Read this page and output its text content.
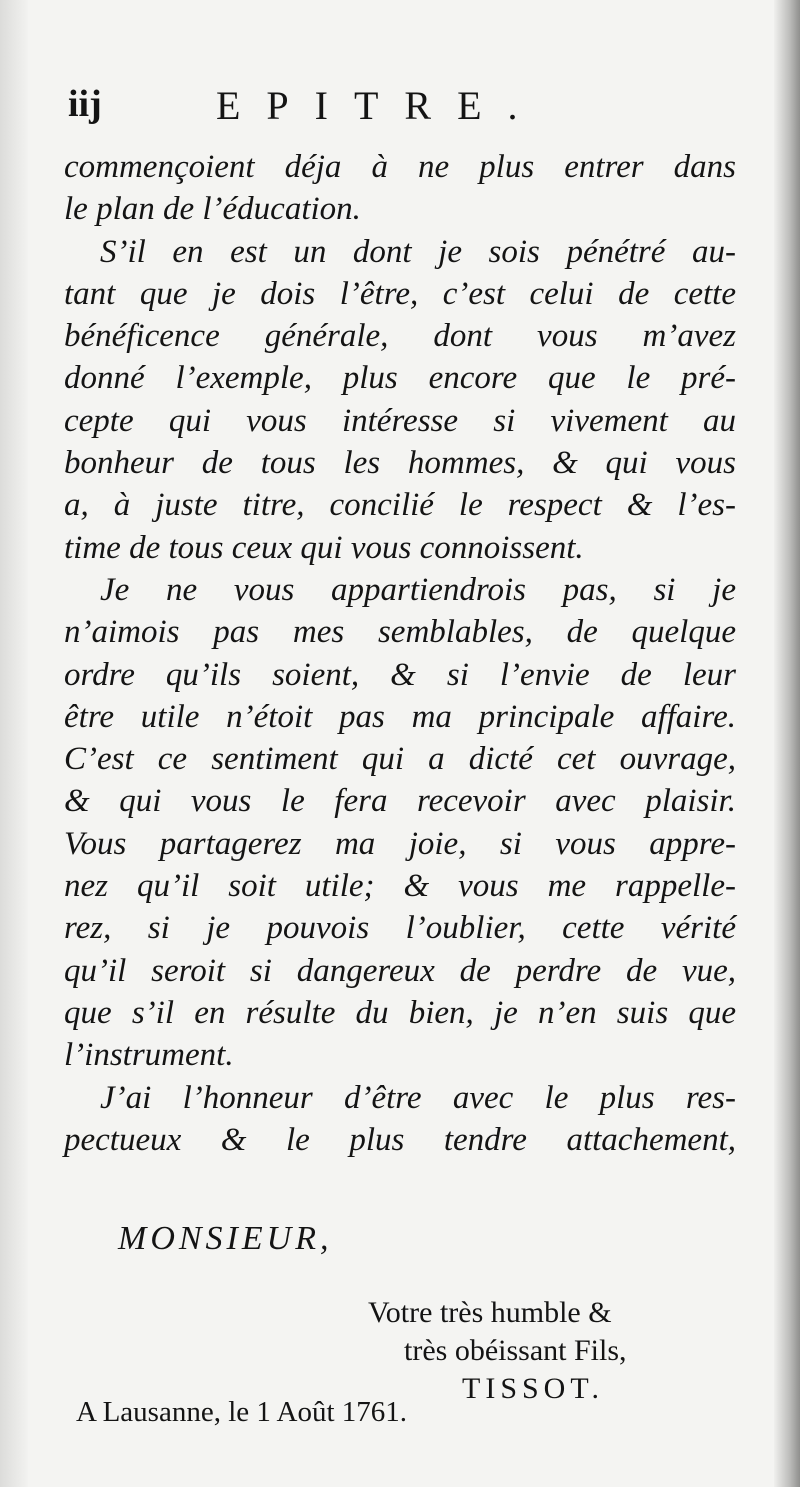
iij	EPITRE.
commençoient déja à ne plus entrer dans
le plan de l’éducation.
S’il en est un dont je sois pénétré au-
tant que je dois l’être, c’est celui de cette
bénéficence générale, dont vous m’avez
donné l’exemple, plus encore que le pré-
cepte qui vous intéresse si vivement au
bonheur de tous les hommes, & qui vous
a, à juste titre, concilié le respect & l’es-
time de tous ceux qui vous connoissent.
Je ne vous appartiendrois pas, si je
n’aimois pas mes semblables, de quelque
ordre qu’ils soient, & si l’envie de leur
être utile n’étoit pas ma principale affaire.
C’est ce sentiment qui a dicté cet ouvrage,
& qui vous le fera recevoir avec plaisir.
Vous partagerez ma joie, si vous appre-
nez qu’il soit utile; & vous me rappelle-
rez, si je pouvois l’oublier, cette vérité
qu’il seroit si dangereux de perdre de vue,
que s’il en résulte du bien, je n’en suis que
l’instrument.
J’ai l’honneur d’être avec le plus res-
pectueux & le plus tendre attachement,
MONSIEUR,
Votre très humble &
très obéissant Fils,
TISSOT.
A Lausanne, le 1 Août 1761.
